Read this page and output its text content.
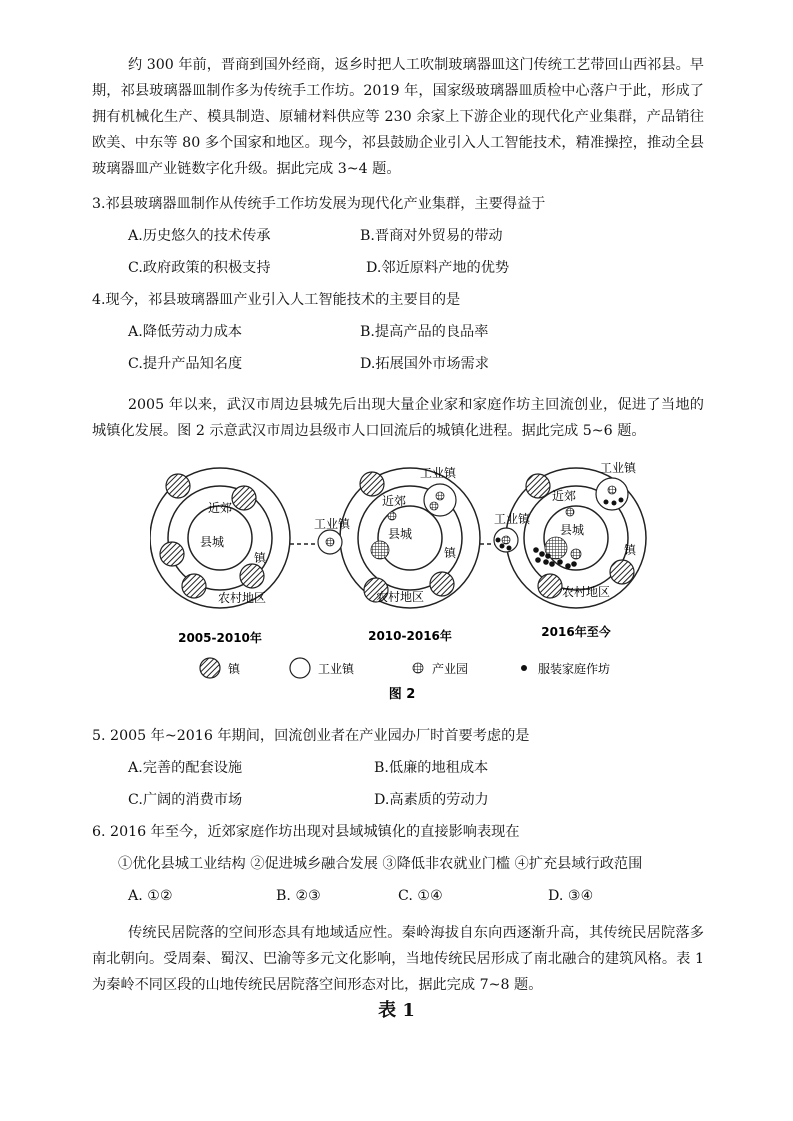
约 300 年前，晋商到国外经商，返乡时把人工吹制玻璃器皿这门传统工艺带回山西祁县。早期，祁县玻璃器皿制作多为传统手工作坊。2019 年，国家级玻璃器皿质检中心落户于此，形成了拥有机械化生产、模具制造、原辅材料供应等 230 余家上下游企业的现代化产业集群，产品销往欧美、中东等 80 多个国家和地区。现今，祁县鼓励企业引入人工智能技术，精准操控，推动全县玻璃器皿产业链数字化升级。据此完成 3~4 题。

3.祁县玻璃器皿制作从传统手工作坊发展为现代化产业集群，主要得益于

A.历史悠久的技术传承	B.晋商对外贸易的带动

C.政府政策的积极支持	D.邻近原料产地的优势

4.现今，祁县玻璃器皿产业引入人工智能技术的主要目的是

A.降低劳动力成本	B.提高产品的良品率

C.提升产品知名度	D.拓展国外市场需求

2005 年以来，武汉市周边县城先后出现大量企业家和家庭作坊主回流创业，促进了当地的城镇化发展。图 2 示意武汉市周边县级市人口回流后的城镇化进程。据此完成 5~6 题。

近郊
县城
镇
农村地区
2005-2010年
近郊
县城
镇
农村地区
工业镇
工业镇
2010-2016年
近郊
县城
镇
农村地区
工业镇
工业镇
2016年至今
镇	工业镇	产业园	服装家庭作坊
图 2

5. 2005 年~2016 年期间，回流创业者在产业园办厂时首要考虑的是

A.完善的配套设施	B.低廉的地租成本

C.广阔的消费市场	D.高素质的劳动力

6. 2016 年至今，近郊家庭作坊出现对县域城镇化的直接影响表现在

①优化县城工业结构 ②促进城乡融合发展 ③降低非农就业门槛 ④扩充县域行政范围

A. ①②	B. ②③	C. ①④	D. ③④

传统民居院落的空间形态具有地域适应性。秦岭海拔自东向西逐渐升高，其传统民居院落多南北朝向。受周秦、蜀汉、巴渝等多元文化影响，当地传统民居形成了南北融合的建筑风格。表 1 为秦岭不同区段的山地传统民居院落空间形态对比，据此完成 7~8 题。

表 1
